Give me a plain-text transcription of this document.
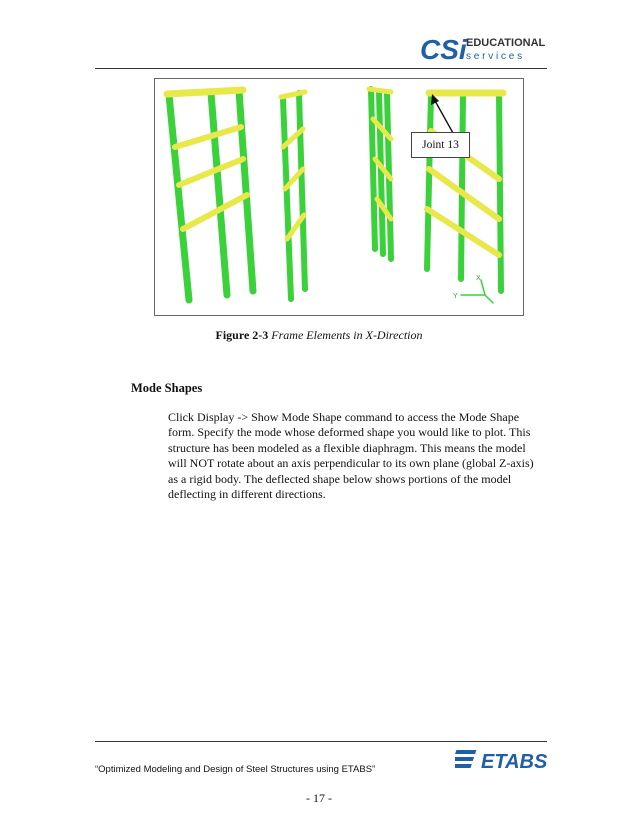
CSi EDUCATIONAL
s e r v i c e s
Y
X
Joint 13
Figure 2-3 Frame Elements in X-Direction
Mode Shapes

Click Display -> Show Mode Shape command to access the Mode Shape form. Specify the mode whose deformed shape you would like to plot. This structure has been modeled as a flexible diaphragm. This means the model will NOT rotate about an axis perpendicular to its own plane (global Z-axis) as a rigid body. The deflected shape below shows portions of the model deflecting in different directions.

“Optimized Modeling and Design of Steel Structures using ETABS”	ETABS
- 17 -
